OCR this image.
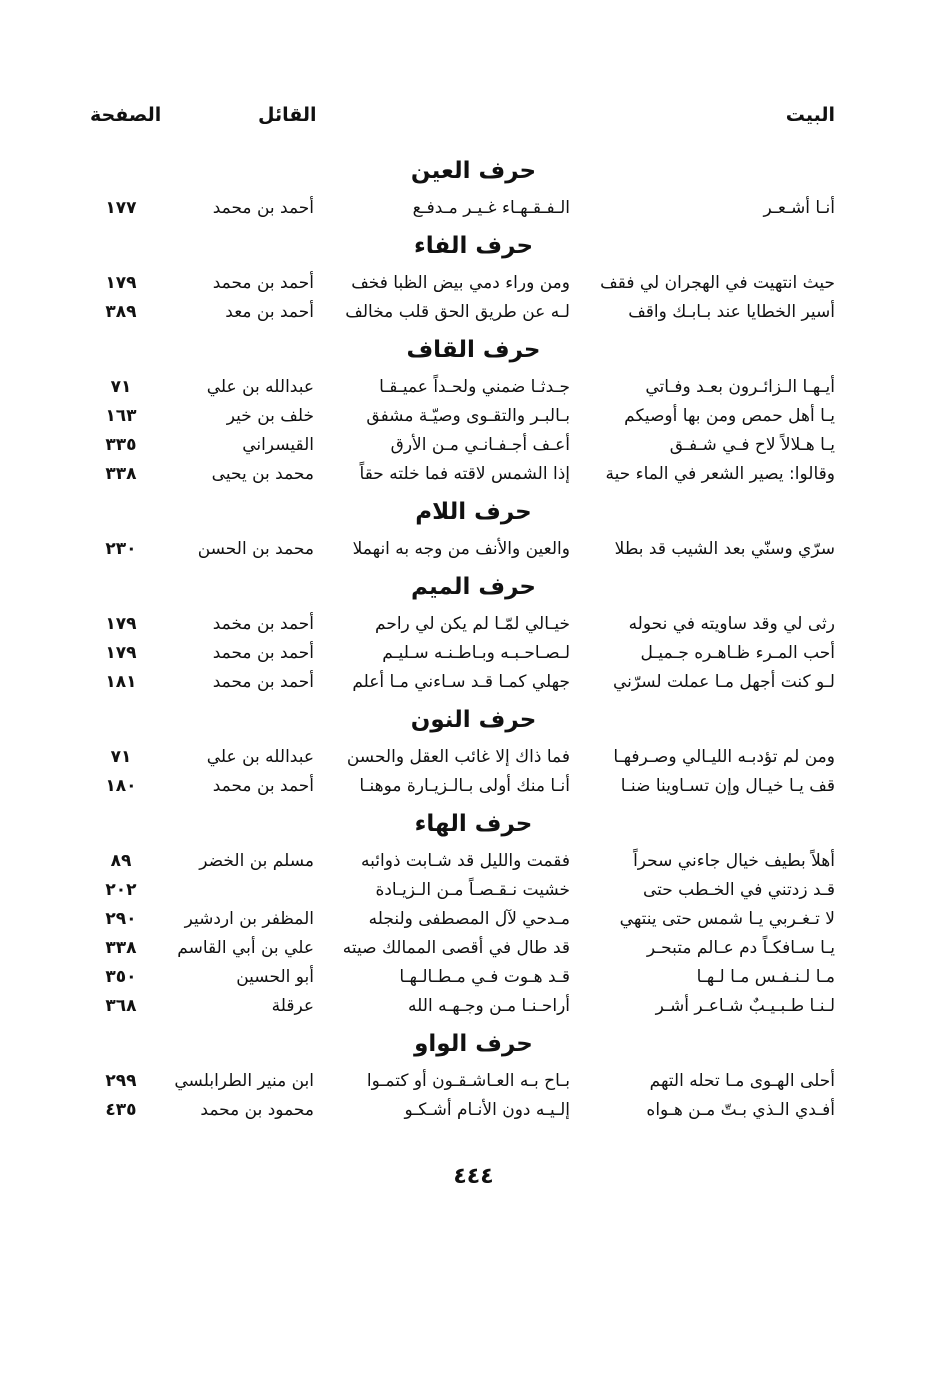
البيت
القائل
الصفحة
حرف العين
أنـا أشـعـر
الـفـقـهـاء غـيـر مـدفـع
أحمد بن محمد
١٧٧
حرف الفاء
حيث انتهيت في الهجران لي فقف
ومن وراء دمي بيض الظبا فخف
أحمد بن محمد
١٧٩
أسير الخطايا عند بـابـك واقف
لـه عن طريق الحق قلب مخالف
أحمد بن معد
٣٨٩
حرف القاف
أيـهـا الـزائـرون بعـد وفـاتي
جـدثـا ضمني ولحـداً عميـقـا
عبدالله بن علي
٧١
يـا أهل حمص ومن بها أوصيكم
بـالبـر والتقـوى وصيّـة مشفق
خلف بن خير
١٦٣
يـا هـلالاً لاح فـي شـفـق
أعـف أجـفـانـي مـن الأرق
القيسراني
٣٣٥
وقالوا: يصير الشعر في الماء حية
إذا الشمس لاقته فما خلته حقاً
محمد بن يحيى
٣٣٨
حرف اللام
سرّي وسنّي بعد الشيب قد بطلا
والعين والأنف من وجه به انهملا
محمد بن الحسن
٢٣٠
حرف الميم
رثى لي وقد ساويته في نحوله
خيـالي لمّـا لم يكن لي راحم
أحمد بن مخمد
١٧٩
أحب المـرء ظـاهـره جـميـل
لـصـاحـبـه وبـاطـنـه سـليـم
أحمد بن محمد
١٧٩
لـو كنت أجهل مـا عملت لسرّني
جهلي كمـا قـد سـاءني مـا أعلم
أحمد بن محمد
١٨١
حرف النون
ومن لم تؤدبـه الليـالي وصـرفهـا
فما ذاك إلا غائب العقل والحسن
عبدالله بن علي
٧١
قف يـا خيـال وإن تسـاوينا ضنـا
أنـا منك أولى بـالـزيـارة موهنـا
أحمد بن محمد
١٨٠
حرف الهاء
أهلاً بطيف خيال جاءني سحراً
فقمت والليل قد شـابت ذوائبه
مسلم بن الخضر
٨٩
قـد زدتني في الخـطب حتى
خشيت نـقـصـاً مـن الـزيـادة
٢٠٢
لا تـغـربي يـا شمس حتى ينتهي
مـدحي لآل المصطفى ولنجله
المظفر بن اردشير
٢٩٠
يـا سـافكـاً دم عـالم متبحـر
قد طال في أقصى الممالك صيته
علي بن أبي القاسم
٣٣٨
مـا لـنـفـس مـا لـهـا
قـد هـوت فـي مـطـالـهـا
أبو الحسين
٣٥٠
لـنـا طـبـيـبٌ شـاعـر أشـر
أراحـنـا مـن وجـهـه الله
عرقلة
٣٦٨
حرف الواو
أحلى الهـوى مـا تحله التهم
بـاح بـه العـاشـقـون أو كتمـوا
ابن منير الطرابلسي
٢٩٩
أفـدي الـذي بـتّ مـن هـواه
إلـيـه دون الأنـام أشـكـو
محمود بن محمد
٤٣٥
٤٤٤
